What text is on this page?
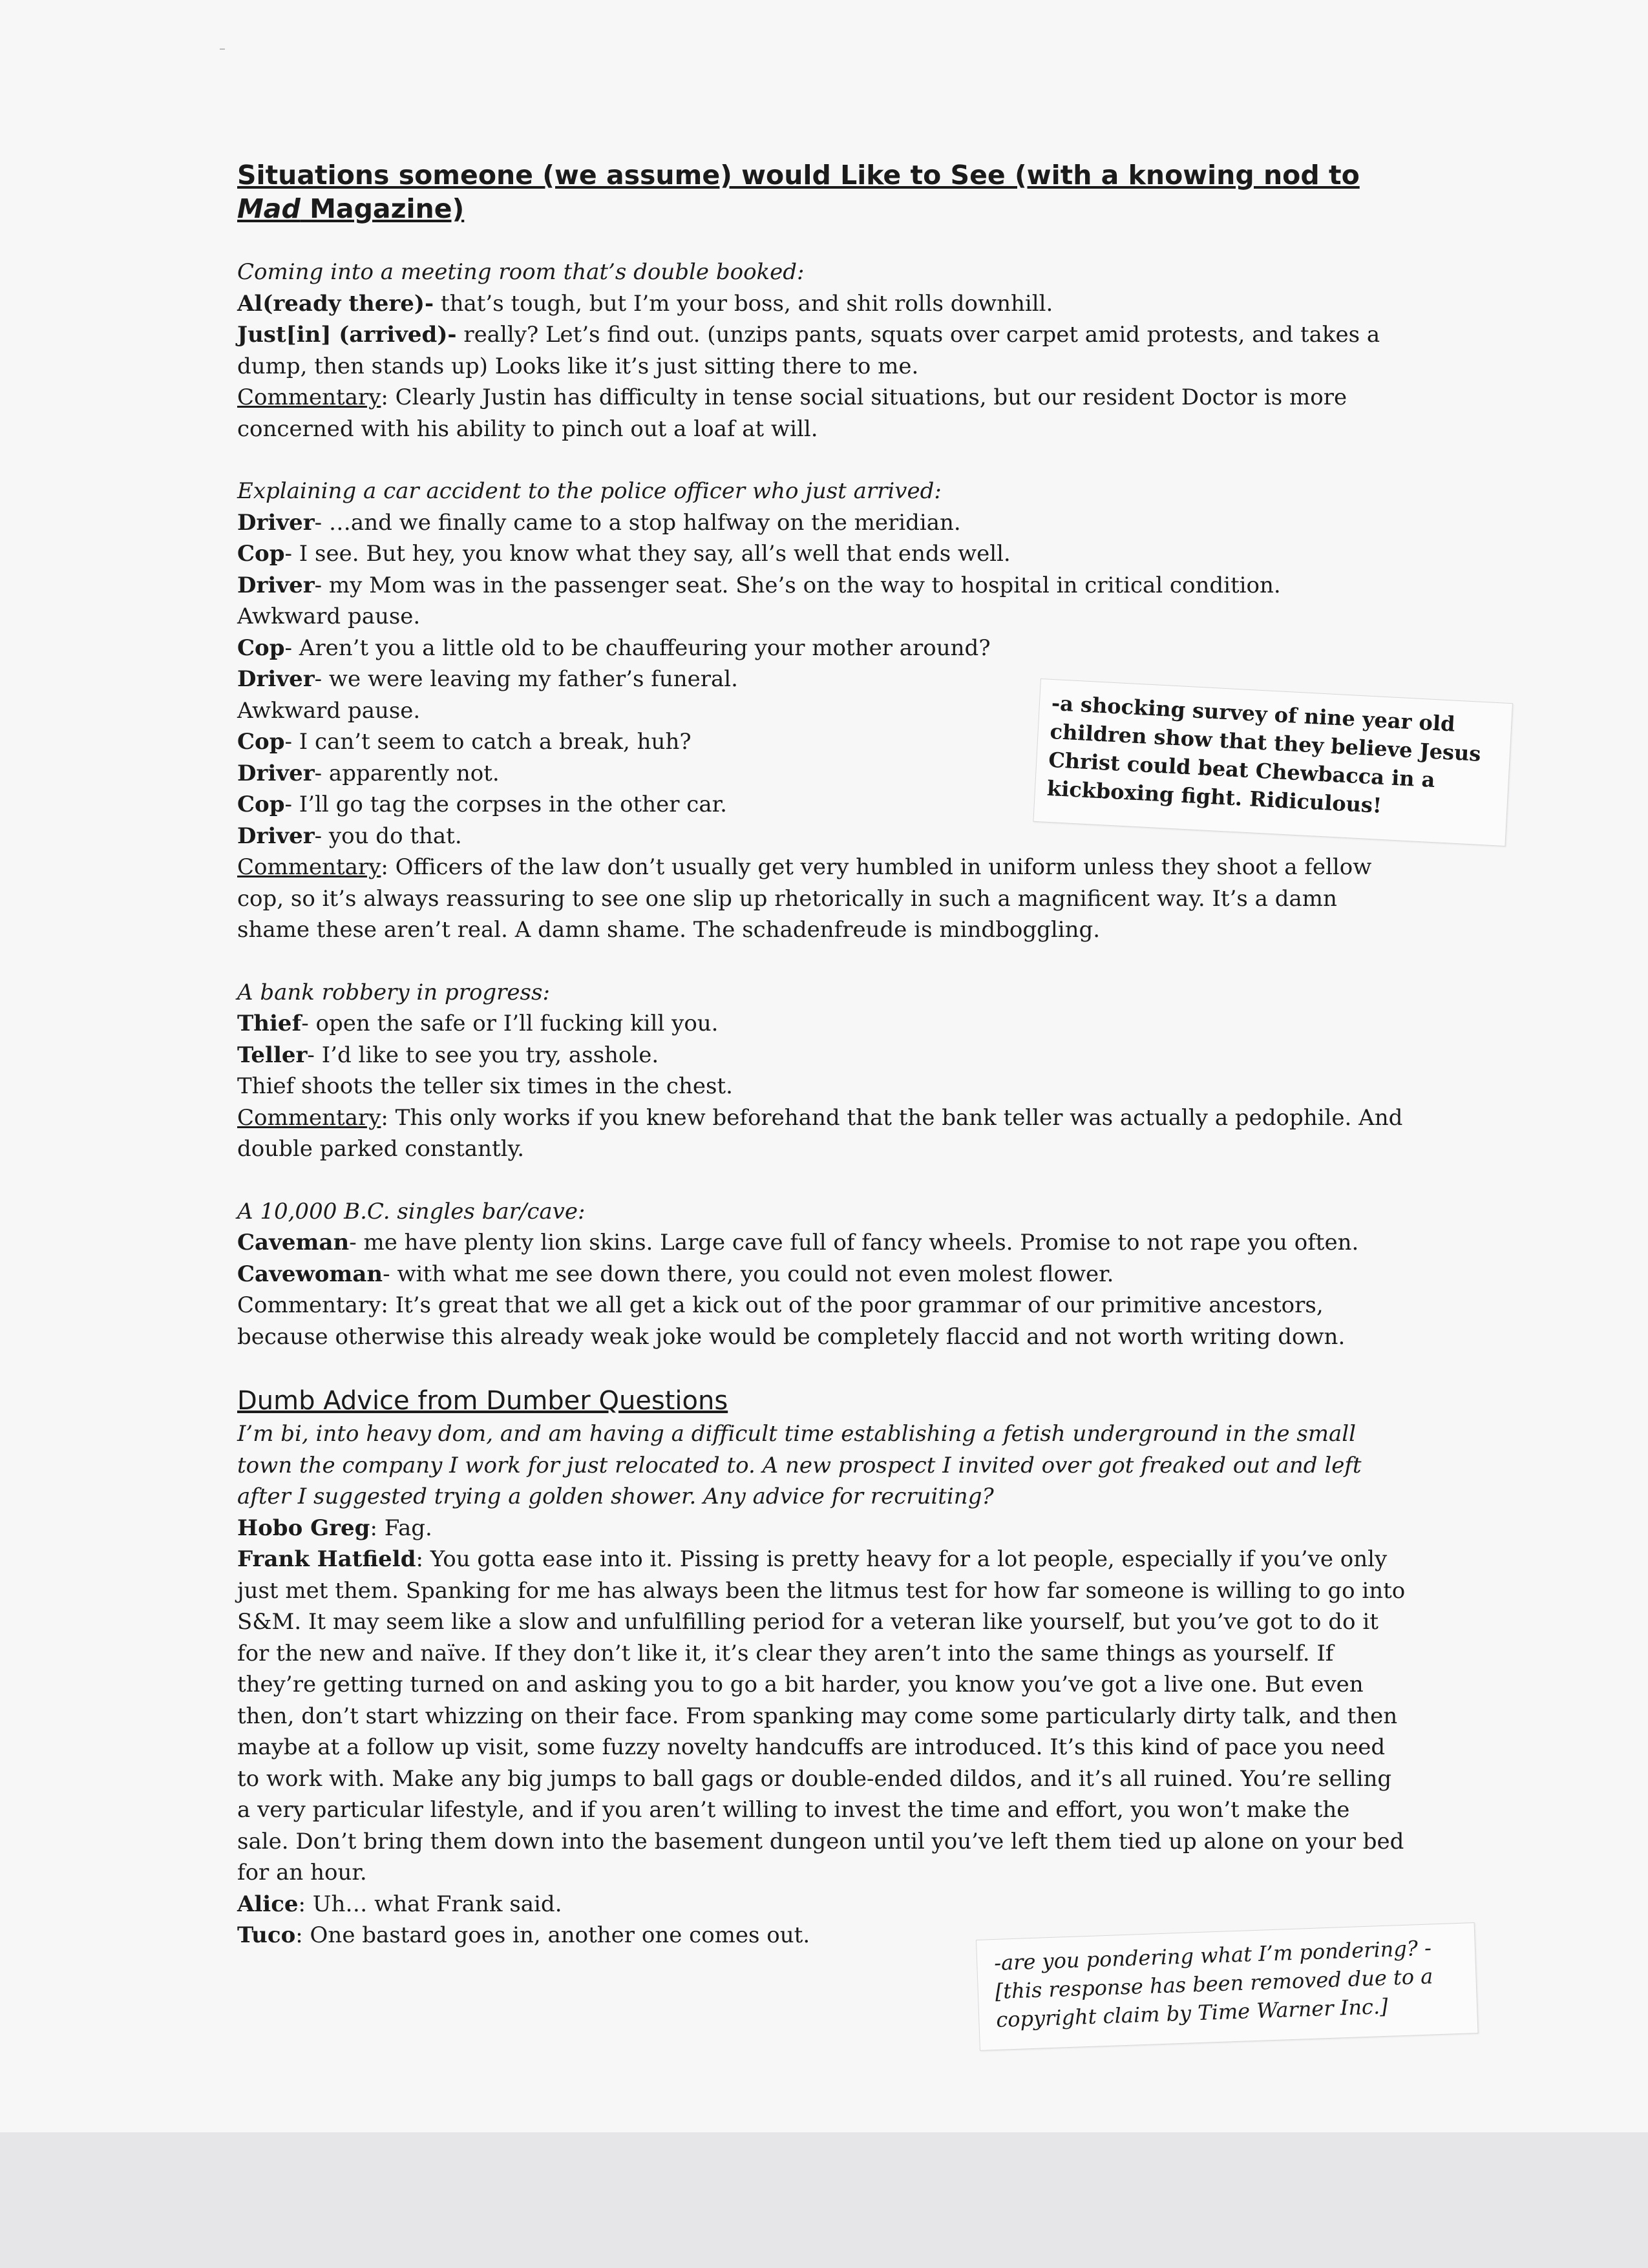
Situations someone (we assume) would Like to See (with a knowing nod to
Mad Magazine)

Coming into a meeting room that’s double booked:

Al(ready there)- that’s tough, but I’m your boss, and shit rolls downhill.

Just[in] (arrived)- really? Let’s find out. (unzips pants, squats over carpet amid protests, and takes a dump, then stands up) Looks like it’s just sitting there to me.

Commentary: Clearly Justin has difficulty in tense social situations, but our resident Doctor is more concerned with his ability to pinch out a loaf at will.

Explaining a car accident to the police officer who just arrived:

Driver- …and we finally came to a stop halfway on the meridian.

Cop- I see. But hey, you know what they say, all’s well that ends well.

Driver- my Mom was in the passenger seat. She’s on the way to hospital in critical condition.

Awkward pause.

Cop- Aren’t you a little old to be chauffeuring your mother around?

Driver- we were leaving my father’s funeral.

Awkward pause.

Cop- I can’t seem to catch a break, huh?

Driver- apparently not.

Cop- I’ll go tag the corpses in the other car.

Driver- you do that.

Commentary: Officers of the law don’t usually get very humbled in uniform unless they shoot a fellow cop, so it’s always reassuring to see one slip up rhetorically in such a magnificent way. It’s a damn shame these aren’t real. A damn shame. The schadenfreude is mindboggling.

A bank robbery in progress:

Thief- open the safe or I’ll fucking kill you.

Teller- I’d like to see you try, asshole.

Thief shoots the teller six times in the chest.

Commentary: This only works if you knew beforehand that the bank teller was actually a pedophile. And double parked constantly.

A 10,000 B.C. singles bar/cave:

Caveman- me have plenty lion skins. Large cave full of fancy wheels. Promise to not rape you often.

Cavewoman- with what me see down there, you could not even molest flower.

Commentary: It’s great that we all get a kick out of the poor grammar of our primitive ancestors, because otherwise this already weak joke would be completely flaccid and not worth writing down.

Dumb Advice from Dumber Questions

I’m bi, into heavy dom, and am having a difficult time establishing a fetish underground in the small town the company I work for just relocated to. A new prospect I invited over got freaked out and left after I suggested trying a golden shower. Any advice for recruiting?

Hobo Greg: Fag.

Frank Hatfield: You gotta ease into it. Pissing is pretty heavy for a lot people, especially if you’ve only just met them. Spanking for me has always been the litmus test for how far someone is willing to go into S&M. It may seem like a slow and unfulfilling period for a veteran like yourself, but you’ve got to do it for the new and naïve. If they don’t like it, it’s clear they aren’t into the same things as yourself. If they’re getting turned on and asking you to go a bit harder, you know you’ve got a live one. But even then, don’t start whizzing on their face. From spanking may come some particularly dirty talk, and then maybe at a follow up visit, some fuzzy novelty handcuffs are introduced. It’s this kind of pace you need to work with. Make any big jumps to ball gags or double-ended dildos, and it’s all ruined. You’re selling a very particular lifestyle, and if you aren’t willing to invest the time and effort, you won’t make the sale. Don’t bring them down into the basement dungeon until you’ve left them tied up alone on your bed for an hour.

Alice: Uh… what Frank said.

Tuco: One bastard goes in, another one comes out.

-a shocking survey of nine year old children show that they believe Jesus Christ could beat Chewbacca in a kickboxing fight. Ridiculous!

-are you pondering what I’m pondering? -[this response has been removed due to a copyright claim by Time Warner Inc.]
